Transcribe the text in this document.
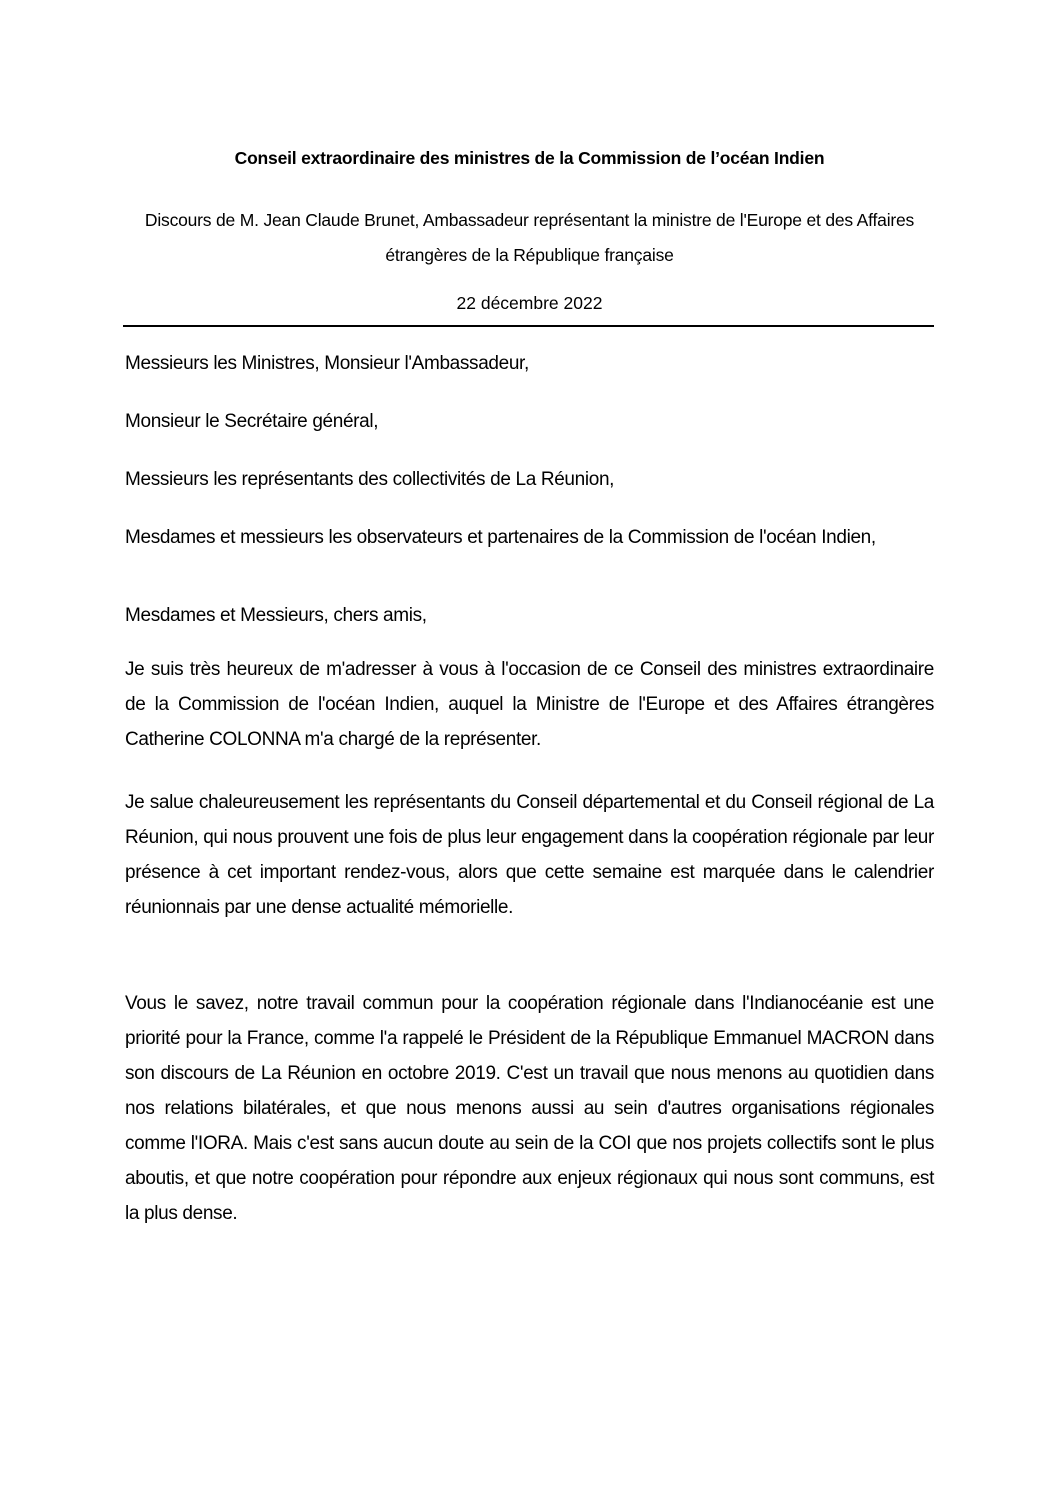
Conseil extraordinaire des ministres de la Commission de l’océan Indien
Discours de M. Jean Claude Brunet, Ambassadeur représentant la ministre de l'Europe et des Affaires étrangères de la République française
22 décembre 2022

Messieurs les Ministres, Monsieur l'Ambassadeur,

Monsieur le Secrétaire général,

Messieurs les représentants des collectivités de La Réunion,

Mesdames et messieurs les observateurs et partenaires de la Commission de l'océan Indien,

Mesdames et Messieurs, chers amis,

Je suis très heureux de m'adresser à vous à l'occasion de ce Conseil des ministres extraordinaire de la Commission de l'océan Indien, auquel la Ministre de l'Europe et des Affaires étrangères Catherine COLONNA m'a chargé de la représenter.

Je salue chaleureusement les représentants du Conseil départemental et du Conseil régional de La Réunion, qui nous prouvent une fois de plus leur engagement dans la coopération régionale par leur présence à cet important rendez-vous, alors que cette semaine est marquée dans le calendrier réunionnais par une dense actualité mémorielle.

Vous le savez, notre travail commun pour la coopération régionale dans l'Indianocéanie est une priorité pour la France, comme l'a rappelé le Président de la République Emmanuel MACRON dans son discours de La Réunion en octobre 2019. C'est un travail que nous menons au quotidien dans nos relations bilatérales, et que nous menons aussi au sein d'autres organisations régionales comme l'IORA. Mais c'est sans aucun doute au sein de la COI que nos projets collectifs sont le plus aboutis, et que notre coopération pour répondre aux enjeux régionaux qui nous sont communs, est la plus dense.
